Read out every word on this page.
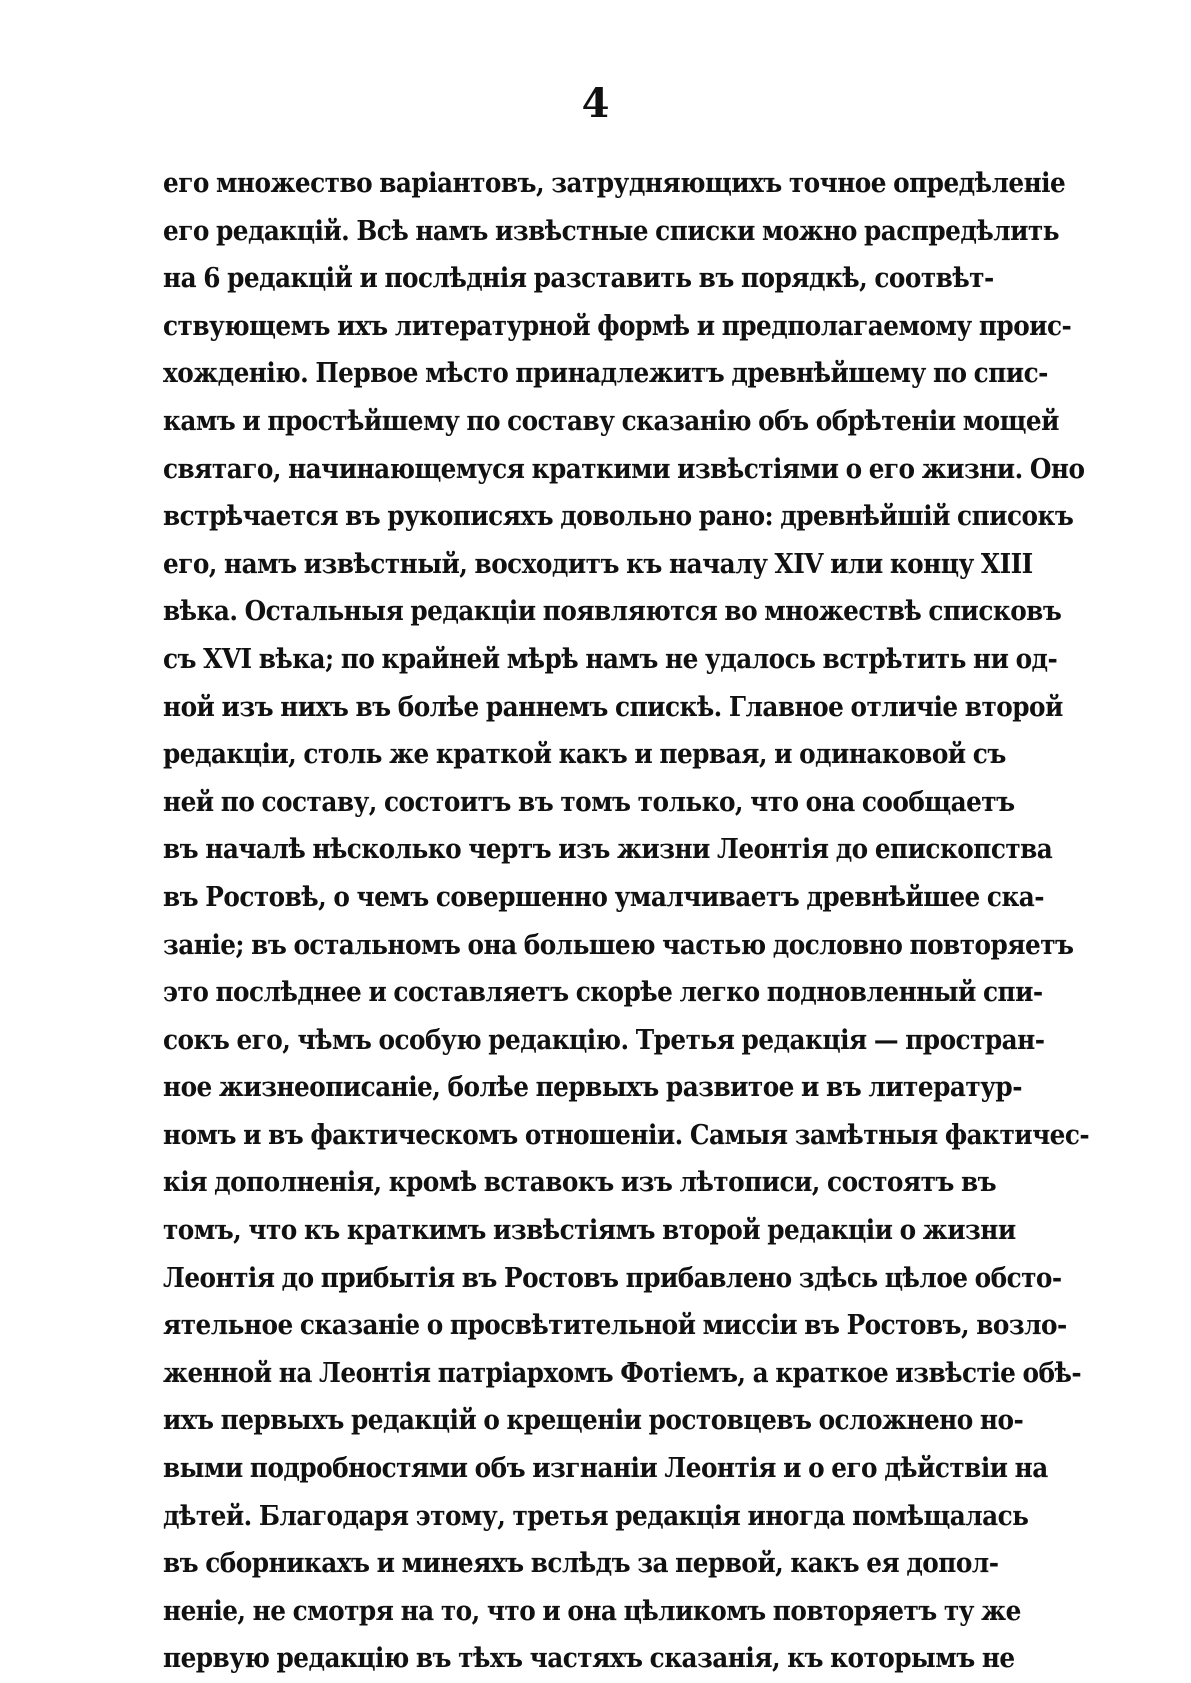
4
его множество варіантовъ, затрудняющихъ точное опредѣленіе
его редакцій. Всѣ намъ извѣстные списки можно распредѣлить
на 6 редакцій и послѣднія разставить въ порядкѣ, соотвѣт-
ствующемъ ихъ литературной формѣ и предполагаемому проис-
хожденію. Первое мѣсто принадлежитъ древнѣйшему по спис-
камъ и простѣйшему по составу сказанію объ обрѣтеніи мощей
святаго, начинающемуся краткими извѣстіями о его жизни. Оно
встрѣчается въ рукописяхъ довольно рано: древнѣйшій списокъ
его, намъ извѣстный, восходитъ къ началу XIV или концу XIII
вѣка. Остальныя редакціи появляются во множествѣ списковъ
съ XVI вѣка; по крайней мѣрѣ намъ не удалось встрѣтить ни од-
ной изъ нихъ въ болѣе раннемъ спискѣ. Главное отличіе второй
редакціи, столь же краткой какъ и первая, и одинаковой съ
ней по составу, состоитъ въ томъ только, что она сообщаетъ
въ началѣ нѣсколько чертъ изъ жизни Леонтія до епископства
въ Ростовѣ, о чемъ совершенно умалчиваетъ древнѣйшее ска-
заніе; въ остальномъ она большею частью дословно повторяетъ
это послѣднее и составляетъ скорѣе легко подновленный спи-
сокъ его, чѣмъ особую редакцію. Третья редакція — простран-
ное жизнеописаніе, болѣе первыхъ развитое и въ литератур-
номъ и въ фактическомъ отношеніи. Самыя замѣтныя фактичес-
кія дополненія, кромѣ вставокъ изъ лѣтописи, состоятъ въ
томъ, что къ краткимъ извѣстіямъ второй редакціи о жизни
Леонтія до прибытія въ Ростовъ прибавлено здѣсь цѣлое обсто-
ятельное сказаніе о просвѣтительной миссіи въ Ростовъ, возло-
женной на Леонтія патріархомъ Фотіемъ, а краткое извѣстіе обѣ-
ихъ первыхъ редакцій о крещеніи ростовцевъ осложнено но-
выми подробностями объ изгнаніи Леонтія и о его дѣйствіи на
дѣтей. Благодаря этому, третья редакція иногда помѣщалась
въ сборникахъ и минеяхъ вслѣдъ за первой, какъ ея допол-
неніе, не смотря на то, что и она цѣликомъ повторяетъ ту же
первую редакцію въ тѣхъ частяхъ сказанія, къ которымъ не
